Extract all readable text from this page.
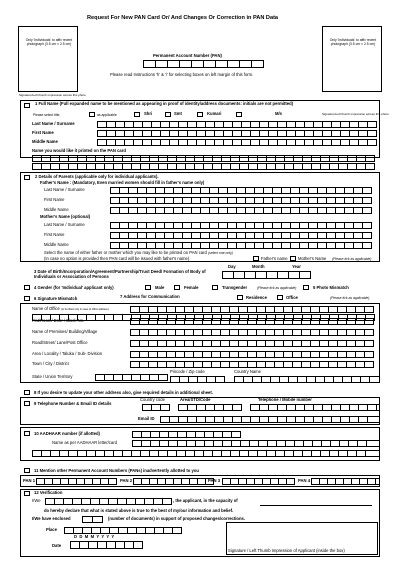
Request For New PAN Card Or/ And Changes Or Correction in PAN Data
Only 'Individuals' to affix recent photograph (3.5 cm × 2.5 cm)
Signature/Left thumb impression across this photo
Only 'Individuals' to affix recent photograph (3.5 cm × 2.5 cm)
Permanent Account Number (PAN)
Please read Instructions 'h' & 'i' for selecting boxes on left margin of this form.
1 Full Name (Full expanded name to be mentioned as appearing in proof of identity/address documents: initials are not permitted)
Please select title,	as applicable	Shri	Smt	Kumari	M/s	Signature/Left thumb impression across this photo
Last Name / Surname
First Name
Middle Name
Name you would like it printed on the PAN card
2 Details of Parents (applicable only for individual applicants).
Father's Name : (Mandatory, Even married women should fill in father's name only)
Last Name / Surname
First Name
Middle Name
Mother's Name (optional)
Last Name / Surname
First Name
Middle Name
Select the name of either father or mother which you may like to be printed on PAN card (select one only)
(In case no option is provided then PAN card will be issued with father's name)	Father's name Mother's Name (Please tick as applicable)
Day	Month	Year
3 Date of Birth/Incorporation/Agreement/Partnership/Trust Deed/ Formation of Body of Individuals or Association of Persons
4 Gender (for 'Individual' applicant only)	Male	Female	Transgender	(Please tick as applicable)	5 Photo Mismatch
6 Signature Mismatch	7 Address for Communication	Residence	Office	(Please tick as applicable)
Name of Office (to be filled only in case of office address)
Flat/Room/ Door / Block No.
Name of Premises/ Building/Village
Road/Street/ Lane/Post Office
Area / Locality / Taluka / Sub- Division
Town / City / District
Pincode / Zip code	Country Name
State / Union Territory
8 If you desire to update your other address also, give required details in additional sheet.
9 Telephone Number & Email ID details
Country code	Area/STD/Code	Telephone / Mobile number
Email ID
10 AADHAAR number (if allotted)
Name as per AADHAAR letter/card
11 Mention other Permanent Account Numbers (PANs) inadvertently allotted to you
PAN 1	PAN 2	PAN 3	PAN 4
12 Verification
I/We	, the applicant, in the capacity of
do hereby declare that what is stated above is true to the best of my/our information and belief.
I/We have enclosed	(number of documents) in support of proposed changes/corrections.
Place
D D M M Y Y Y Y
Date
Signature / Left Thumb Impression of Applicant (inside the box)
